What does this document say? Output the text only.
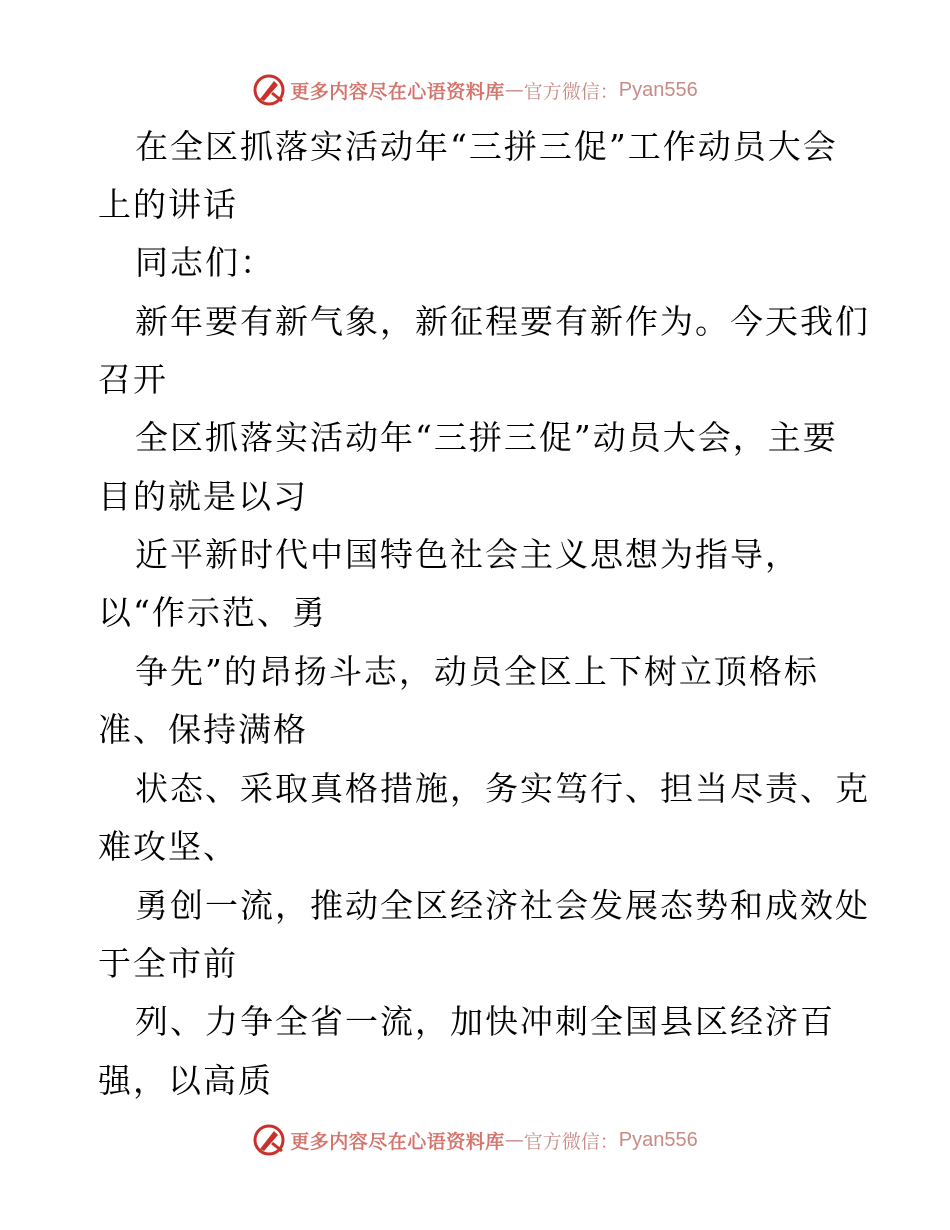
更多内容尽在心语资料库 — 官方微信： Pyan556
在全区抓落实活动年“三拼三促”工作动员大会
上的讲话
同志们：
新年要有新气象，新征程要有新作为。今天我们
召开
全区抓落实活动年“三拼三促”动员大会，主要
目的就是以习
近平新时代中国特色社会主义思想为指导，
以“作示范、勇
争先”的昂扬斗志，动员全区上下树立顶格标
准、保持满格
状态、采取真格措施，务实笃行、担当尽责、克
难攻坚、
勇创一流，推动全区经济社会发展态势和成效处
于全市前
列、力争全省一流，加快冲刺全国县区经济百
强，以高质
更多内容尽在心语资料库 — 官方微信： Pyan556
